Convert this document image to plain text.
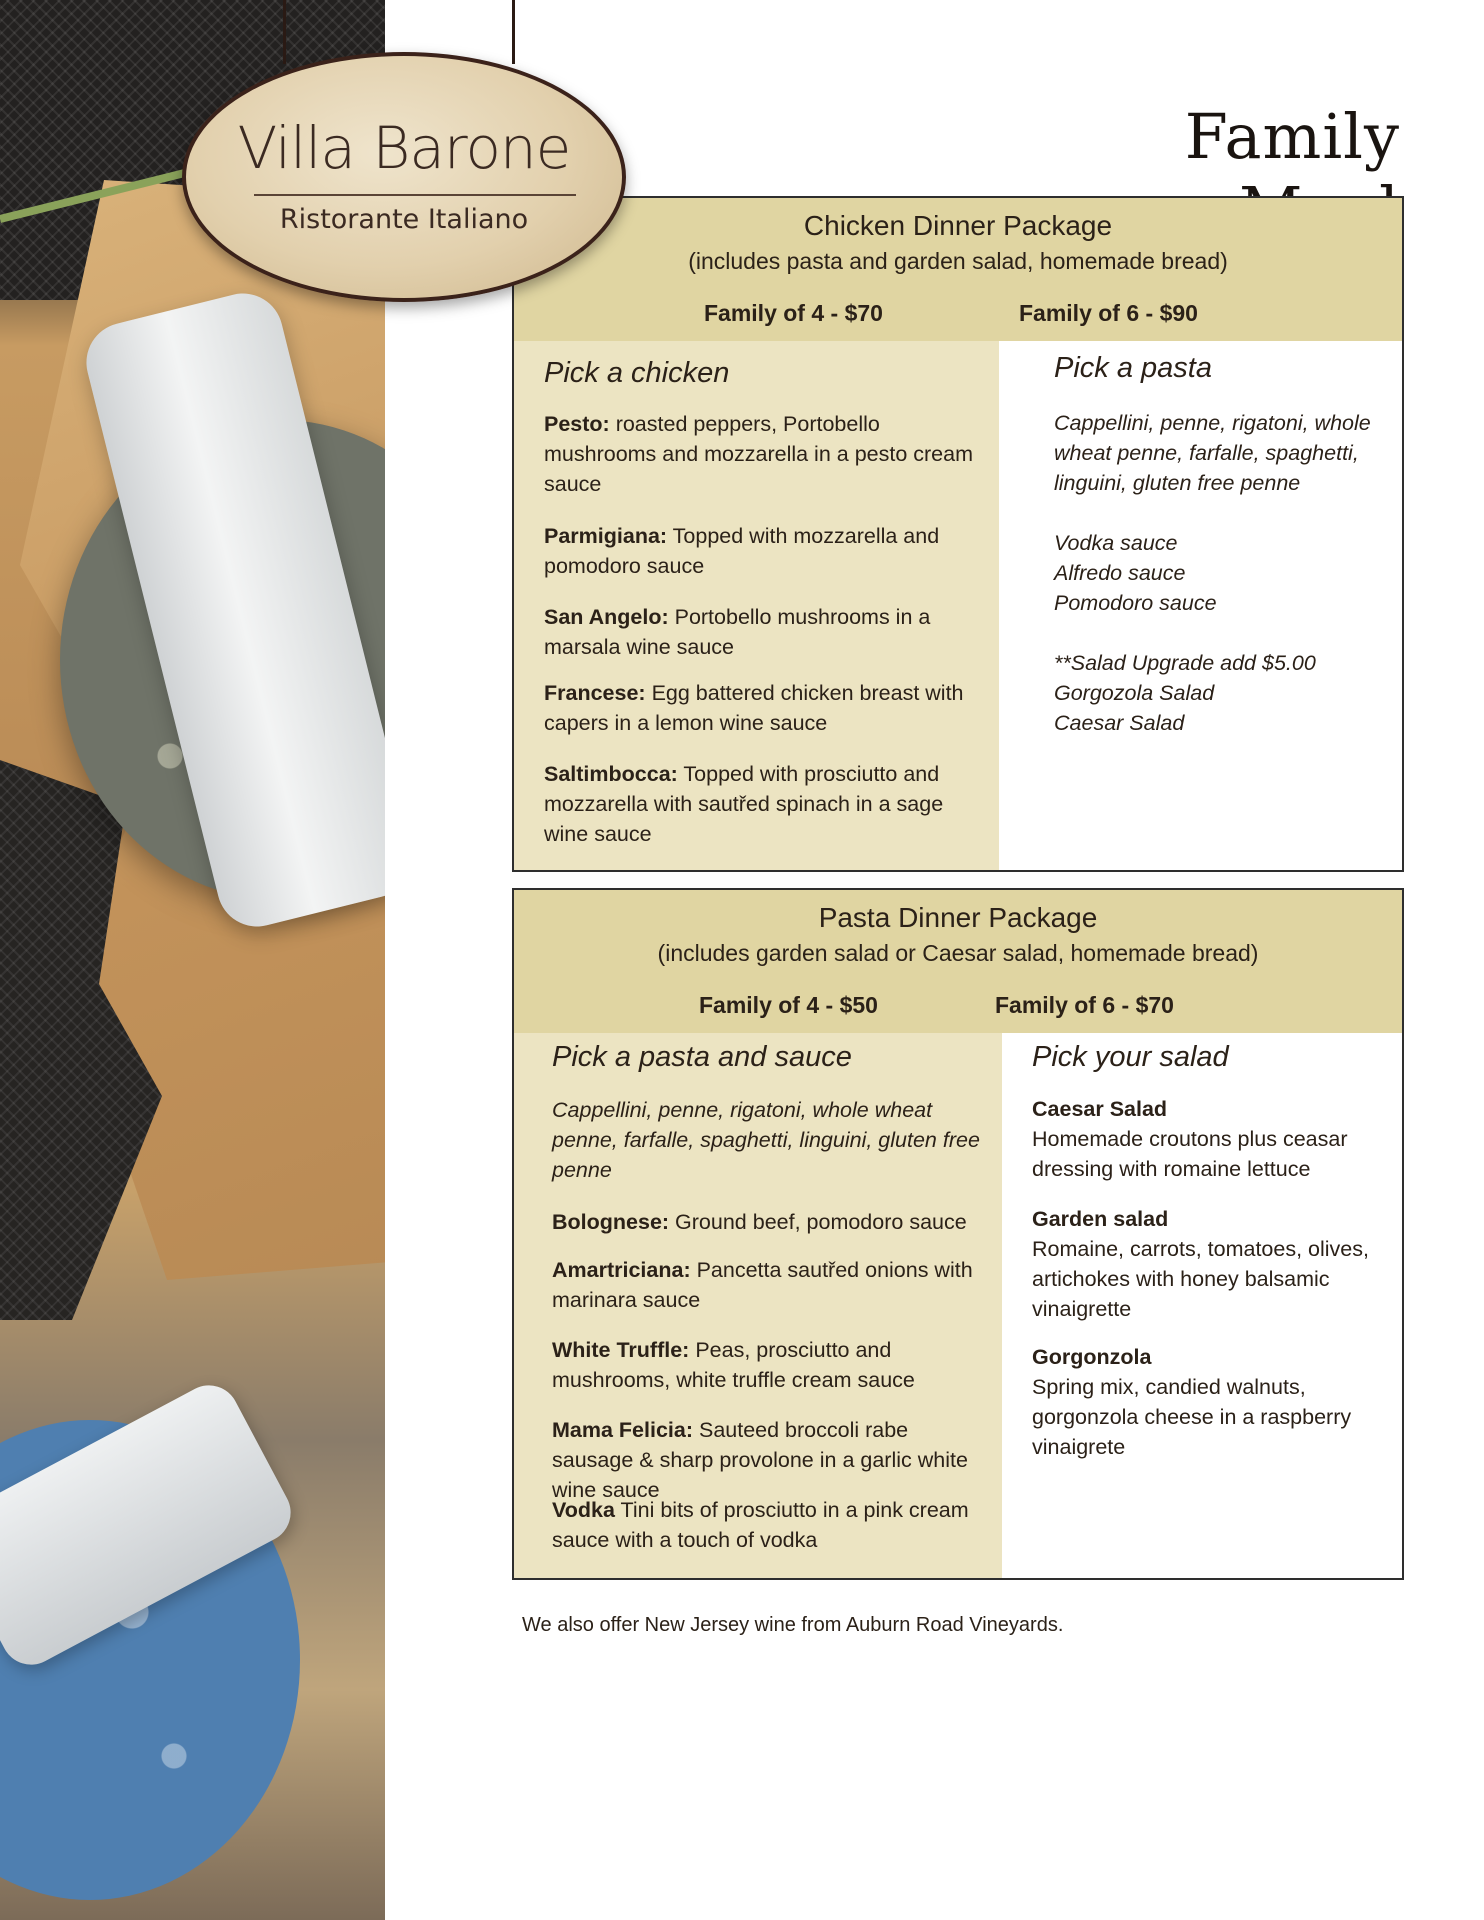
Villa Barone
Ristorante Italiano
Family
Chicken Dinner Package
(includes pasta and garden salad, homemade bread)
Family of 4 - $70	Family of 6 - $90
Pick a chicken
Pesto: roasted peppers, Portobello mushrooms and mozzarella in a pesto cream sauce
Parmigiana: Topped with mozzarella and pomodoro sauce
San Angelo: Portobello mushrooms in a marsala wine sauce
Francese: Egg battered chicken breast with capers in a lemon wine sauce
Saltimbocca: Topped with prosciutto and mozzarella with sautřed spinach in a sage wine sauce
Pick a pasta
Cappellini, penne, rigatoni, whole wheat penne, farfalle, spaghetti, linguini, gluten free penne
Vodka sauce
Alfredo sauce
Pomodoro sauce
**Salad Upgrade add $5.00
Gorgozola Salad
Caesar Salad
Pasta Dinner Package
(includes garden salad or Caesar salad, homemade bread)
Family of 4 - $50	Family of 6 - $70
Pick a pasta and sauce
Cappellini, penne, rigatoni, whole wheat penne, farfalle, spaghetti, linguini, gluten free penne
Bolognese: Ground beef, pomodoro sauce
Amartriciana: Pancetta sautřed onions with marinara sauce
White Truffle: Peas, prosciutto and mushrooms, white truffle cream sauce
Mama Felicia: Sauteed broccoli rabe sausage & sharp provolone in a garlic white wine sauce
Vodka Tini bits of prosciutto in a pink cream sauce with a touch of vodka
Pick your salad
Caesar Salad
Homemade croutons plus ceasar dressing with romaine lettuce
Garden salad
Romaine, carrots, tomatoes, olives, artichokes with honey balsamic vinaigrette
Gorgonzola
Spring mix, candied walnuts, gorgonzola cheese in a raspberry vinaigrete
We also offer New Jersey wine from Auburn Road Vineyards.
